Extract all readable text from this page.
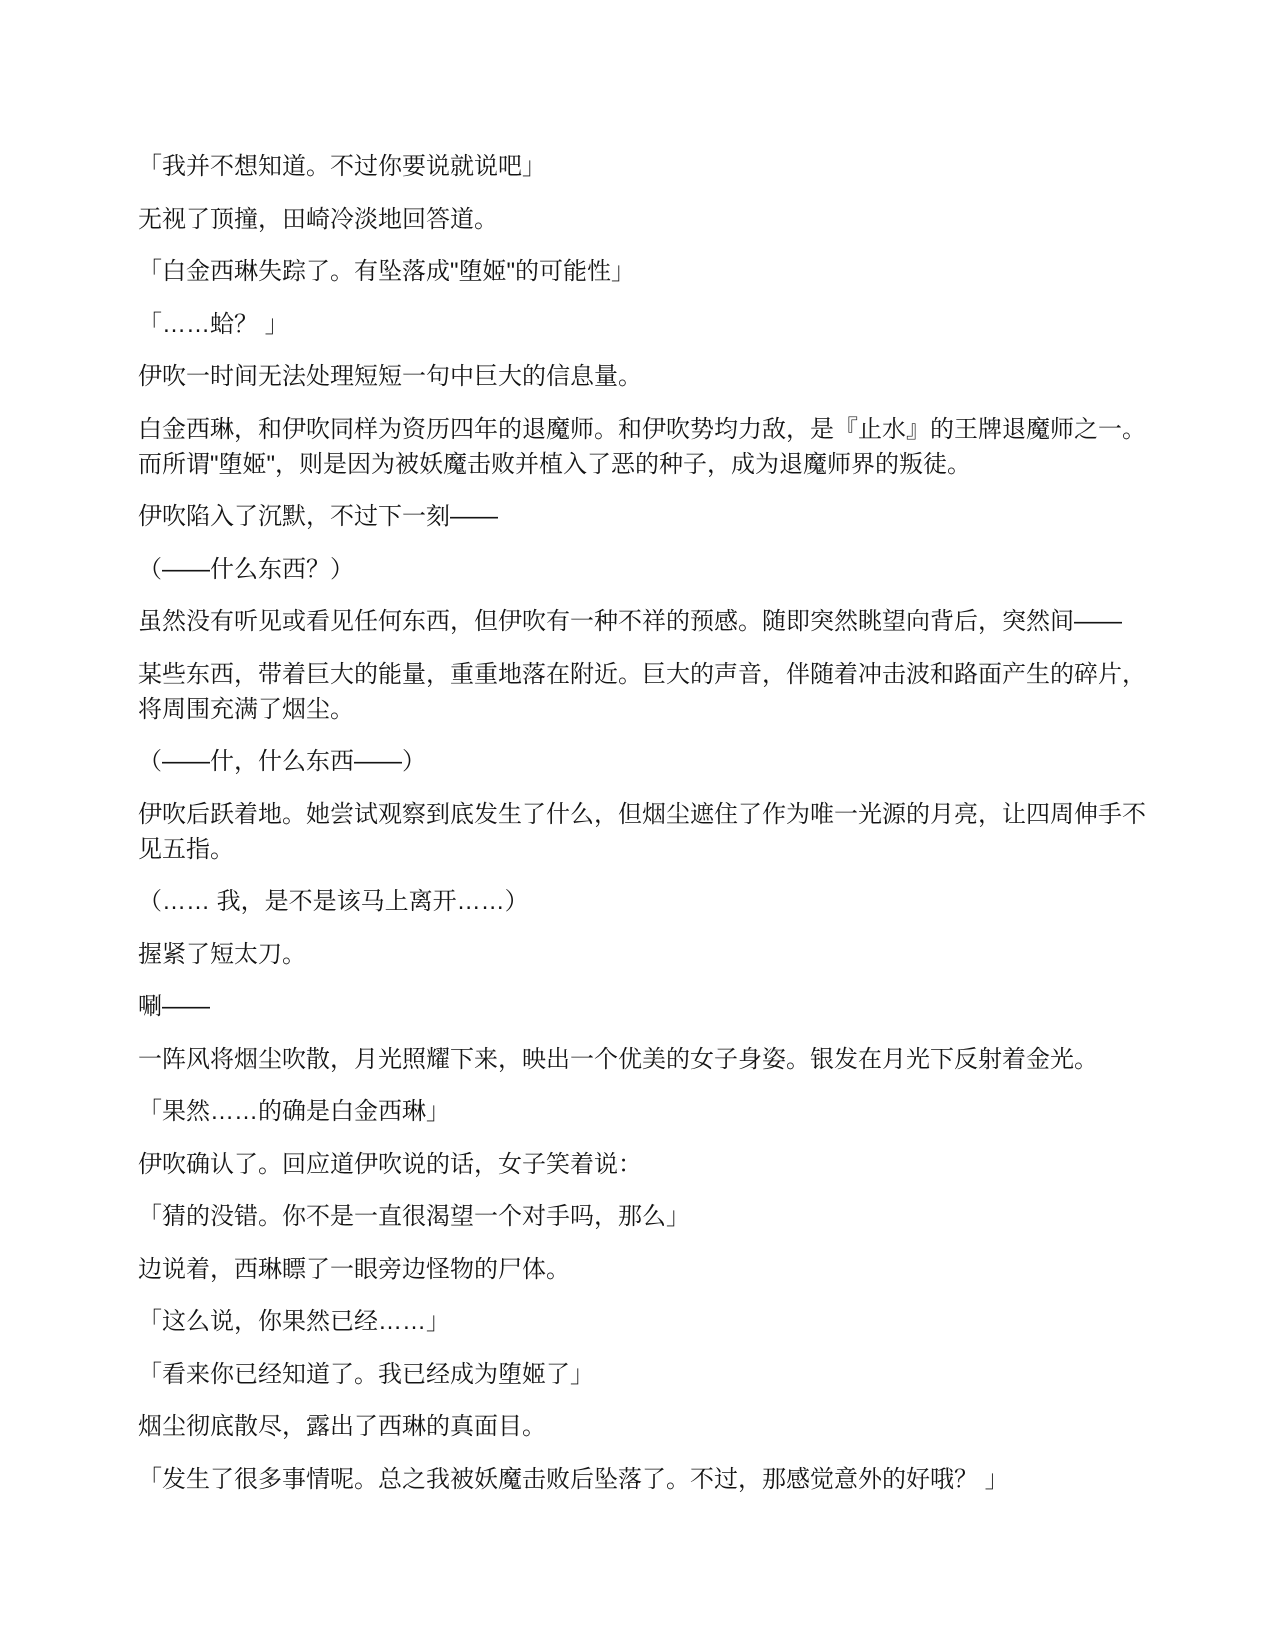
「我并不想知道。不过你要说就说吧」

无视了顶撞，田崎冷淡地回答道。

「白金西琳失踪了。有坠落成"堕姬"的可能性」

「……蛤？ 」

伊吹一时间无法处理短短一句中巨大的信息量。

白金西琳，和伊吹同样为资历四年的退魔师。和伊吹势均力敌，是『止水』的王牌退魔师之一。而所谓"堕姬"，则是因为被妖魔击败并植入了恶的种子，成为退魔师界的叛徒。

伊吹陷入了沉默，不过下一刻——

（——什么东西？）

虽然没有听见或看见任何东西，但伊吹有一种不祥的预感。随即突然眺望向背后，突然间——

某些东西，带着巨大的能量，重重地落在附近。巨大的声音，伴随着冲击波和路面产生的碎片，将周围充满了烟尘。

（——什，什么东西——）

伊吹后跃着地。她尝试观察到底发生了什么，但烟尘遮住了作为唯一光源的月亮，让四周伸手不见五指。

（…… 我，是不是该马上离开……）

握紧了短太刀。

唰——

一阵风将烟尘吹散，月光照耀下来，映出一个优美的女子身姿。银发在月光下反射着金光。

「果然……的确是白金西琳」

伊吹确认了。回应道伊吹说的话，女子笑着说：

「猜的没错。你不是一直很渴望一个对手吗，那么」

边说着，西琳瞟了一眼旁边怪物的尸体。

「这么说，你果然已经……」

「看来你已经知道了。我已经成为堕姬了」

烟尘彻底散尽，露出了西琳的真面目。

「发生了很多事情呢。总之我被妖魔击败后坠落了。不过，那感觉意外的好哦？ 」
